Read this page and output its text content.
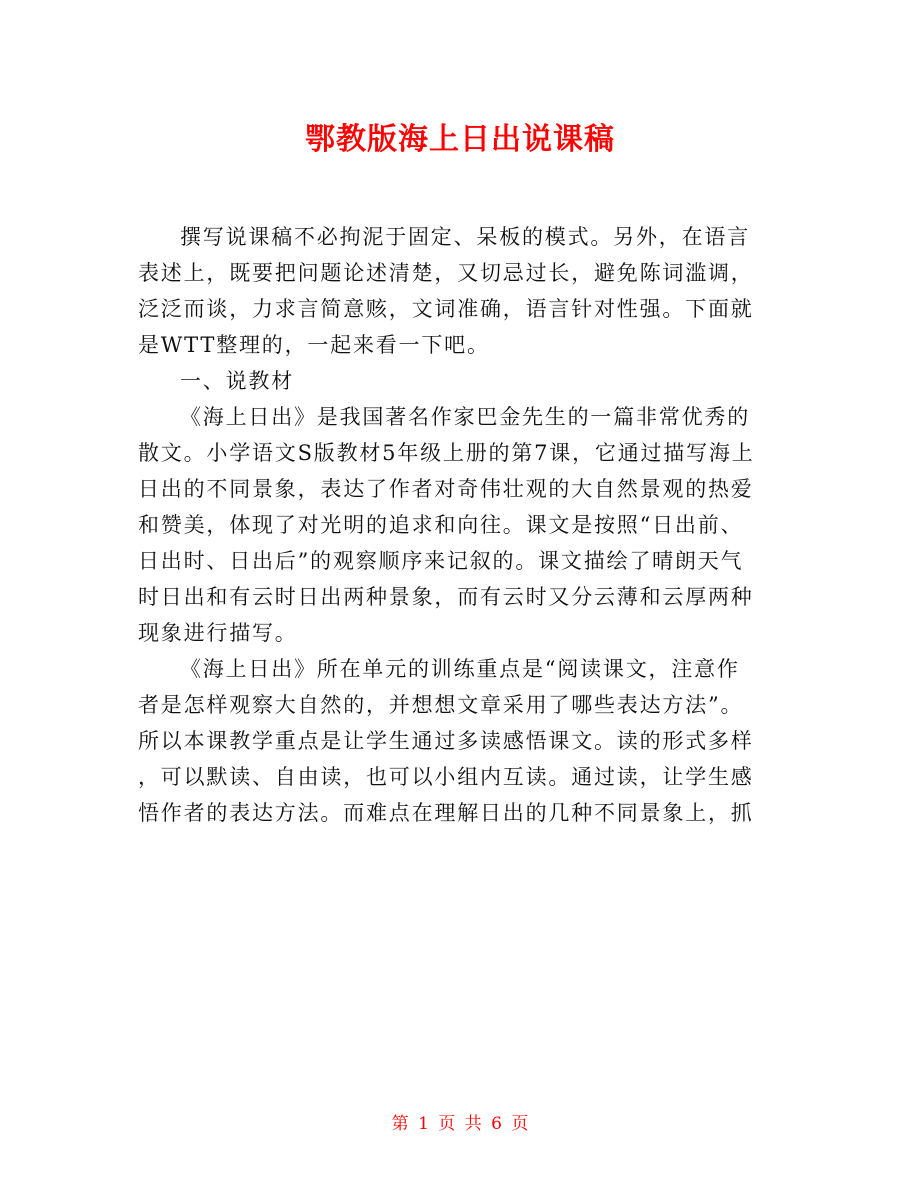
鄂教版海上日出说课稿

撰写说课稿不必拘泥于固定、呆板的模式。另外，在语言
表述上，既要把问题论述清楚，又切忌过长，避免陈词滥调，
泛泛而谈，力求言简意赅，文词准确，语言针对性强。下面就
是WTT整理的，一起来看一下吧。

一、说教材

《海上日出》是我国著名作家巴金先生的一篇非常优秀的
散文。小学语文S版教材5年级上册的第7课，它通过描写海上
日出的不同景象，表达了作者对奇伟壮观的大自然景观的热爱
和赞美，体现了对光明的追求和向往。课文是按照“日出前、
日出时、日出后”的观察顺序来记叙的。课文描绘了晴朗天气
时日出和有云时日出两种景象，而有云时又分云薄和云厚两种
现象进行描写。

《海上日出》所在单元的训练重点是“阅读课文，注意作
者是怎样观察大自然的，并想想文章采用了哪些表达方法”。
所以本课教学重点是让学生通过多读感悟课文。读的形式多样
，可以默读、自由读，也可以小组内互读。通过读，让学生感
悟作者的表达方法。而难点在理解日出的几种不同景象上，抓

第 1 页 共 6 页
